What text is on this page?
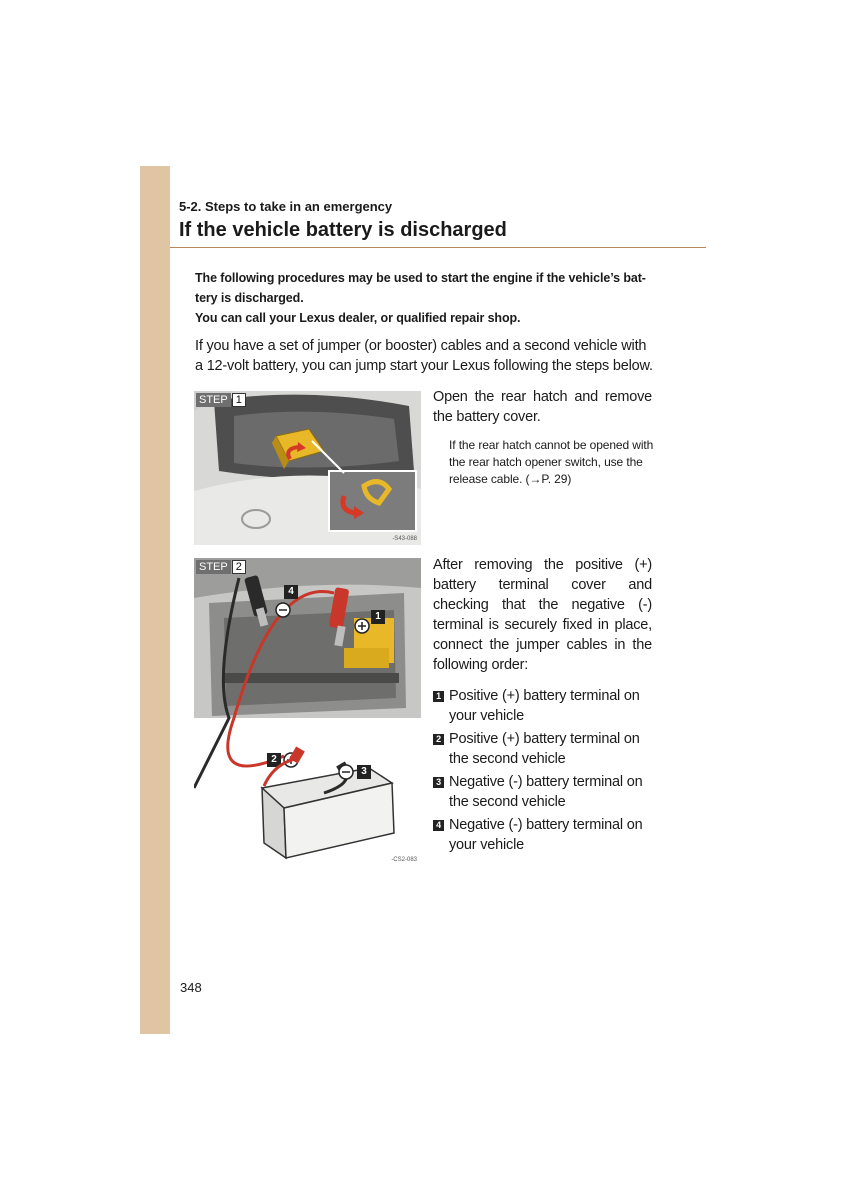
5-2. Steps to take in an emergency
If the vehicle battery is discharged
The following procedures may be used to start the engine if the vehicle’s bat-
tery is discharged.
You can call your Lexus dealer, or qualified repair shop.
If you have a set of jumper (or booster) cables and a second vehicle with a 12-volt battery, you can jump start your Lexus following the steps below.
STEP 1
-S43-088
Open the rear hatch and remove the battery cover.
If the rear hatch cannot be opened with the rear hatch opener switch, use the release cable. (→P. 29)
STEP 2
4
1
2
3
-CS2-083
After removing the positive (+) battery terminal cover and checking that the negative (-) terminal is securely fixed in place, connect the jumper cables in the following order:
1 Positive (+) battery terminal on your vehicle
2 Positive (+) battery terminal on the second vehicle
3 Negative (-) battery terminal on the second vehicle
4 Negative (-) battery terminal on your vehicle
348
